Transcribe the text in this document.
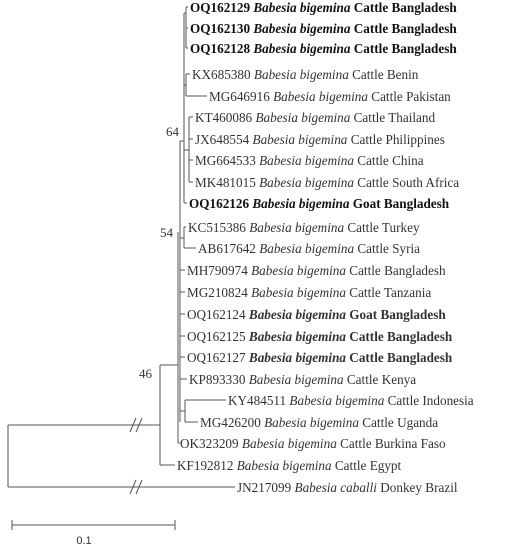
64
54
46
OQ162129 Babesia bigemina Cattle Bangladesh
OQ162130 Babesia bigemina Cattle Bangladesh
OQ162128 Babesia bigemina Cattle Bangladesh
KX685380 Babesia bigemina Cattle Benin
MG646916 Babesia bigemina Cattle Pakistan
KT460086 Babesia bigemina Cattle Thailand
JX648554 Babesia bigemina Cattle Philippines
MG664533 Babesia bigemina Cattle China
MK481015 Babesia bigemina Cattle South Africa
OQ162126 Babesia bigemina Goat Bangladesh
KC515386 Babesia bigemina Cattle Turkey
AB617642 Babesia bigemina Cattle Syria
MH790974 Babesia bigemina Cattle Bangladesh
MG210824 Babesia bigemina Cattle Tanzania
OQ162124 Babesia bigemina Goat Bangladesh
OQ162125 Babesia bigemina Cattle Bangladesh
OQ162127 Babesia bigemina Cattle Bangladesh
KP893330 Babesia bigemina Cattle Kenya
KY484511 Babesia bigemina Cattle Indonesia
MG426200 Babesia bigemina Cattle Uganda
OK323209 Babesia bigemina Cattle Burkina Faso
KF192812 Babesia bigemina Cattle Egypt
JN217099 Babesia caballi Donkey Brazil
0.1
